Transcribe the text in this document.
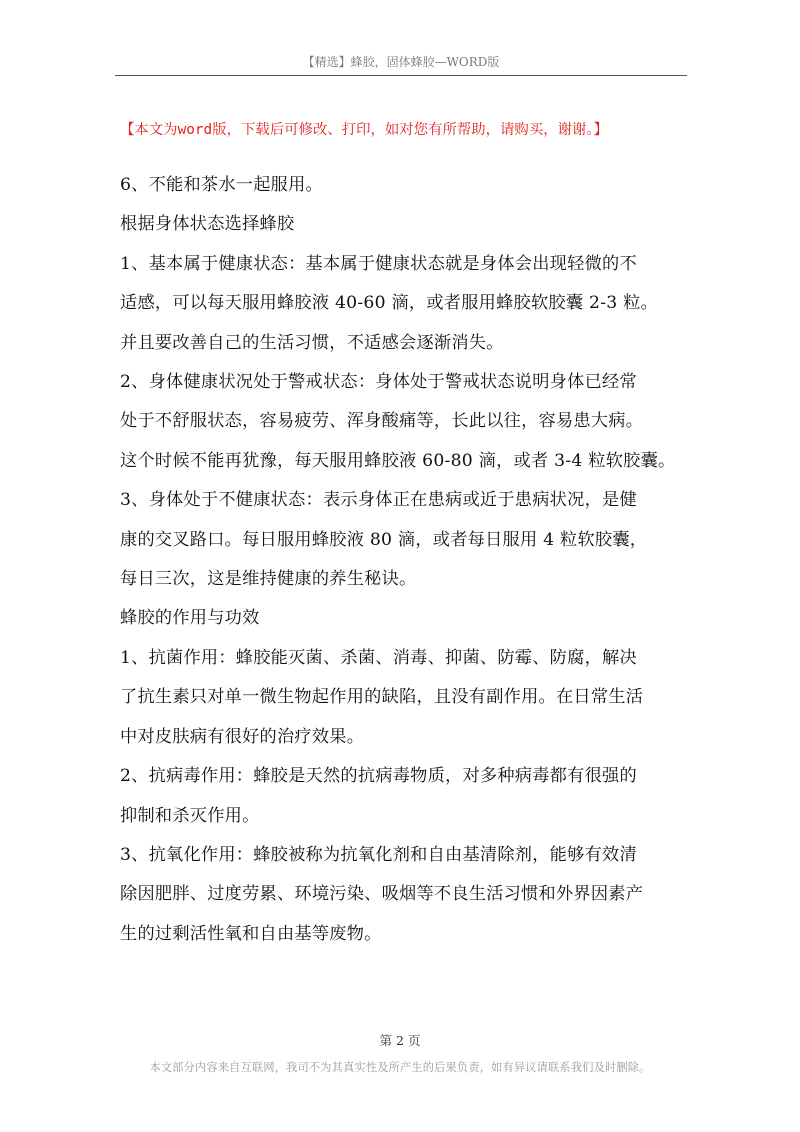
【精选】蜂胶，固体蜂胶—WORD版
【本文为word版，下载后可修改、打印，如对您有所帮助，请购买，谢谢。】

6、不能和茶水一起服用。

根据身体状态选择蜂胶

1、基本属于健康状态：基本属于健康状态就是身体会出现轻微的不
适感，可以每天服用蜂胶液 40-60 滴，或者服用蜂胶软胶囊 2-3 粒。
并且要改善自己的生活习惯，不适感会逐渐消失。

2、身体健康状况处于警戒状态：身体处于警戒状态说明身体已经常
处于不舒服状态，容易疲劳、浑身酸痛等，长此以往，容易患大病。
这个时候不能再犹豫，每天服用蜂胶液 60-80 滴，或者 3-4 粒软胶囊。

3、身体处于不健康状态：表示身体正在患病或近于患病状况，是健
康的交叉路口。每日服用蜂胶液 80 滴，或者每日服用 4 粒软胶囊，
每日三次，这是维持健康的养生秘诀。

蜂胶的作用与功效

1、抗菌作用：蜂胶能灭菌、杀菌、消毒、抑菌、防霉、防腐，解决
了抗生素只对单一微生物起作用的缺陷，且没有副作用。在日常生活
中对皮肤病有很好的治疗效果。

2、抗病毒作用：蜂胶是天然的抗病毒物质，对多种病毒都有很强的
抑制和杀灭作用。

3、抗氧化作用：蜂胶被称为抗氧化剂和自由基清除剂，能够有效清
除因肥胖、过度劳累、环境污染、吸烟等不良生活习惯和外界因素产
生的过剩活性氧和自由基等废物。

第 2 页
本文部分内容来自互联网，我司不为其真实性及所产生的后果负责，如有异议请联系我们及时删除。
